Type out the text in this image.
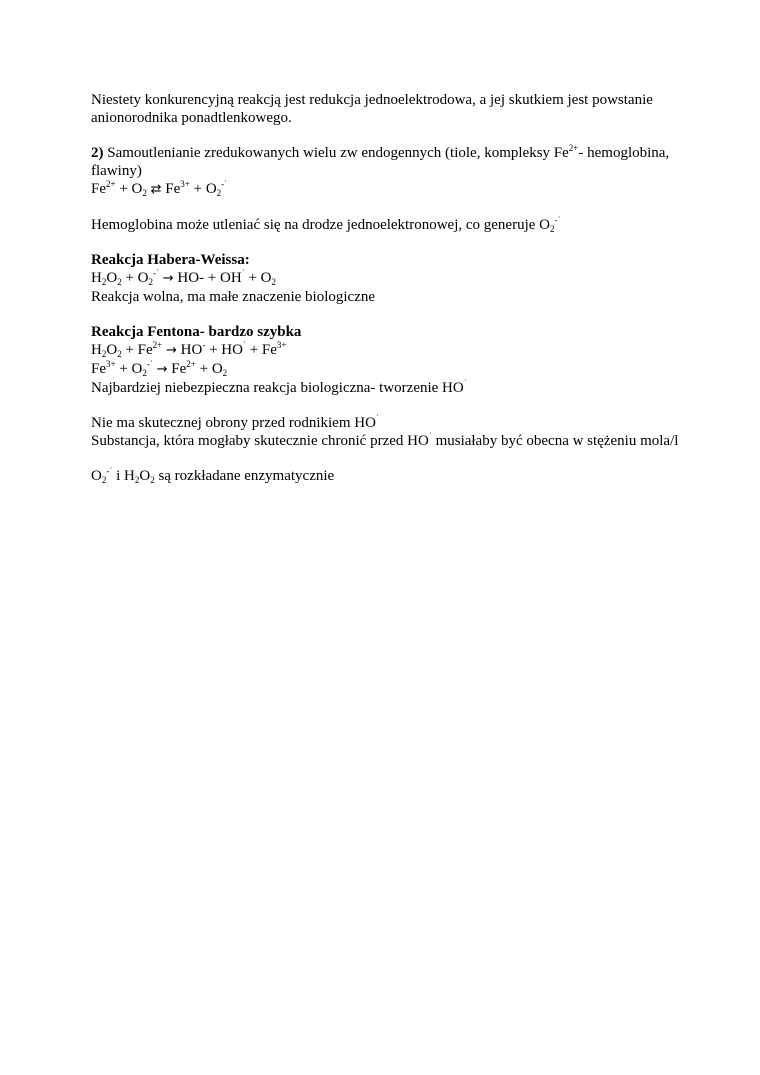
Niestety konkurencyjną reakcją jest redukcja jednoelektrodowa, a jej skutkiem jest powstanie anionorodnika ponadtlenkowego.
2) Samoutlenianie zredukowanych wielu zw endogennych (tiole, kompleksy $Fe^{2+}-$ hemoglobina, flawiny)
$Fe^{2+} + O_2$ ⇄ $Fe^{3+} + O_2^{-˙}$
Hemoglobina może utleniać się na drodze jednoelektronowej, co generuje $O_2^{-˙}$
Reakcja Habera-Weissa:
$H_2O_2 + O_2^{-˙} \to HO- + OH^˙ + O_2$
Reakcja wolna, ma małe znaczenie biologiczne
Reakcja Fentona- bardzo szybka
$H_2O_2 + Fe^{2+} \to HO^- + HO^˙ + Fe^{3+}$
$Fe^{3+} + O_2^{-˙} \to Fe^{2+} + O_2$
Najbardziej niebezpieczna reakcja biologiczna- tworzenie HO˙
Nie ma skutecznej obrony przed rodnikiem HO˙
Substancja, która mogłaby skutecznie chronić przed HO˙ musiałaby być obecna w stężeniu mola/l
$O_2^{-˙}$ i $H_2O_2$ są rozkładane enzymatycznie
